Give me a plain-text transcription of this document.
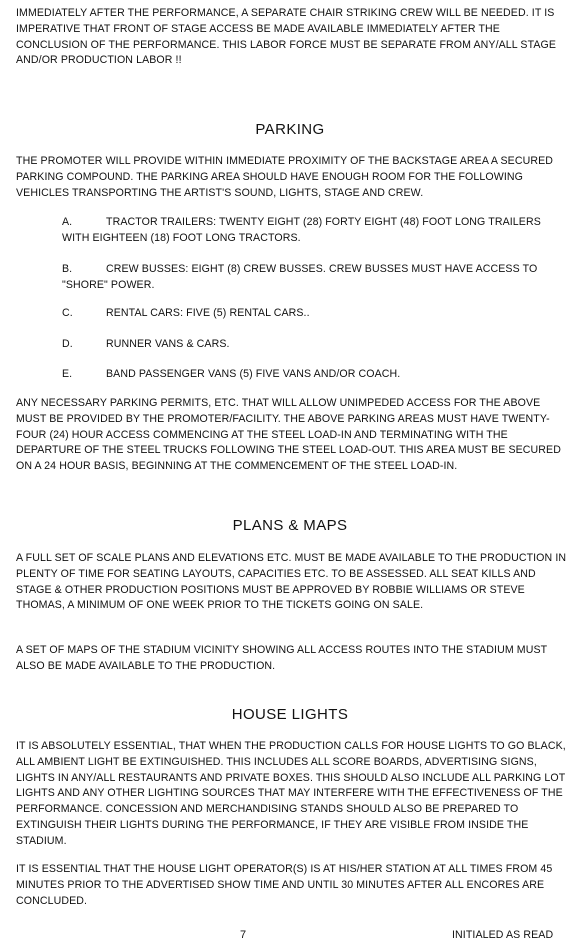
IMMEDIATELY AFTER THE PERFORMANCE, A SEPARATE CHAIR STRIKING CREW WILL BE NEEDED. IT IS IMPERATIVE THAT FRONT OF STAGE ACCESS BE MADE AVAILABLE IMMEDIATELY AFTER THE CONCLUSION OF THE PERFORMANCE. THIS LABOR FORCE MUST BE SEPARATE FROM ANY/ALL STAGE AND/OR PRODUCTION LABOR !!

PARKING

THE PROMOTER WILL PROVIDE WITHIN IMMEDIATE PROXIMITY OF THE BACKSTAGE AREA A SECURED PARKING COMPOUND. THE PARKING AREA SHOULD HAVE ENOUGH ROOM FOR THE FOLLOWING VEHICLES TRANSPORTING THE ARTIST'S SOUND, LIGHTS, STAGE AND CREW.

A.	TRACTOR TRAILERS: TWENTY EIGHT (28) FORTY EIGHT (48) FOOT LONG TRAILERS WITH EIGHTEEN (18) FOOT LONG TRACTORS.
B.	CREW BUSSES: EIGHT (8) CREW BUSSES. CREW BUSSES MUST HAVE ACCESS TO "SHORE" POWER.
C.	RENTAL CARS: FIVE (5) RENTAL CARS..
D.	RUNNER VANS & CARS.
E.	BAND PASSENGER VANS (5) FIVE VANS AND/OR COACH.

ANY NECESSARY PARKING PERMITS, ETC. THAT WILL ALLOW UNIMPEDED ACCESS FOR THE ABOVE MUST BE PROVIDED BY THE PROMOTER/FACILITY. THE ABOVE PARKING AREAS MUST HAVE TWENTY-FOUR (24) HOUR ACCESS COMMENCING AT THE STEEL LOAD-IN AND TERMINATING WITH THE DEPARTURE OF THE STEEL TRUCKS FOLLOWING THE STEEL LOAD-OUT. THIS AREA MUST BE SECURED ON A 24 HOUR BASIS, BEGINNING AT THE COMMENCEMENT OF THE STEEL LOAD-IN.

PLANS & MAPS

A FULL SET OF SCALE PLANS AND ELEVATIONS ETC. MUST BE MADE AVAILABLE TO THE PRODUCTION IN PLENTY OF TIME FOR SEATING LAYOUTS, CAPACITIES ETC. TO BE ASSESSED. ALL SEAT KILLS AND STAGE & OTHER PRODUCTION POSITIONS MUST BE APPROVED BY ROBBIE WILLIAMS OR STEVE THOMAS, A MINIMUM OF ONE WEEK PRIOR TO THE TICKETS GOING ON SALE.

A SET OF MAPS OF THE STADIUM VICINITY SHOWING ALL ACCESS ROUTES INTO THE STADIUM MUST ALSO BE MADE AVAILABLE TO THE PRODUCTION.

HOUSE LIGHTS

IT IS ABSOLUTELY ESSENTIAL, THAT WHEN THE PRODUCTION CALLS FOR HOUSE LIGHTS TO GO BLACK, ALL AMBIENT LIGHT BE EXTINGUISHED. THIS INCLUDES ALL SCORE BOARDS, ADVERTISING SIGNS, LIGHTS IN ANY/ALL RESTAURANTS AND PRIVATE BOXES. THIS SHOULD ALSO INCLUDE ALL PARKING LOT LIGHTS AND ANY OTHER LIGHTING SOURCES THAT MAY INTERFERE WITH THE EFFECTIVENESS OF THE PERFORMANCE. CONCESSION AND MERCHANDISING STANDS SHOULD ALSO BE PREPARED TO EXTINGUISH THEIR LIGHTS DURING THE PERFORMANCE, IF THEY ARE VISIBLE FROM INSIDE THE STADIUM.

IT IS ESSENTIAL THAT THE HOUSE LIGHT OPERATOR(S) IS AT HIS/HER STATION AT ALL TIMES FROM 45 MINUTES PRIOR TO THE ADVERTISED SHOW TIME AND UNTIL 30 MINUTES AFTER ALL ENCORES ARE CONCLUDED.

7	INITIALED AS READ
